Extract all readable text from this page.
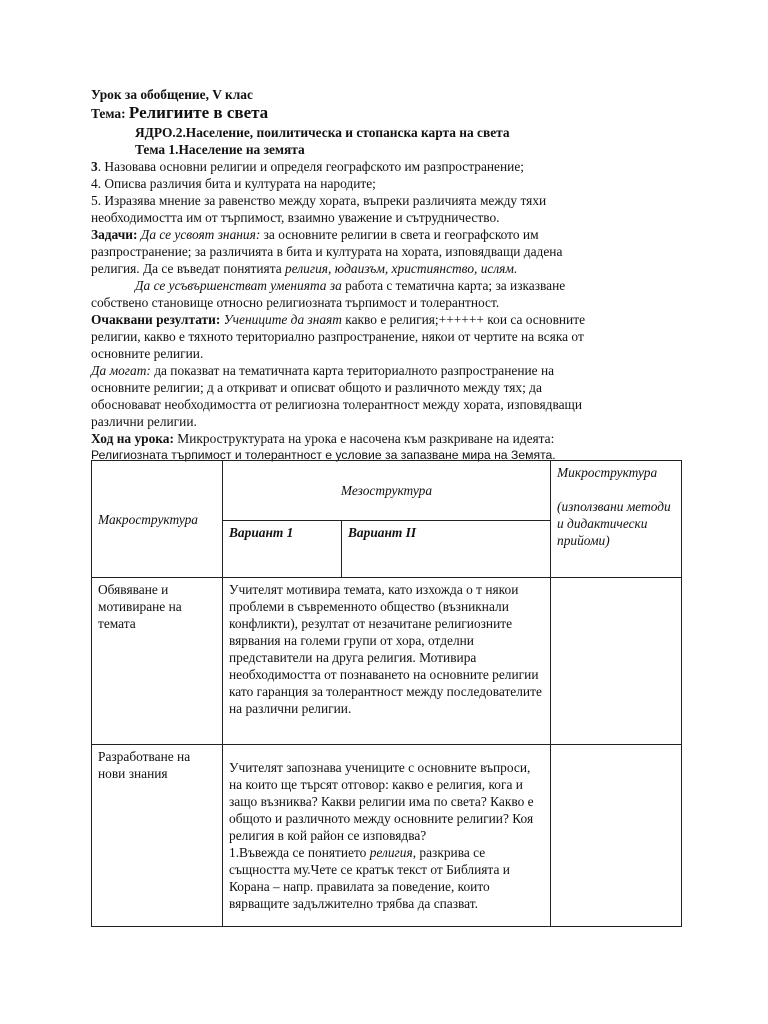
Урок за обобщение, V клас
Тема: Религиите в света
ЯДРО.2.Население, поилитическа и стопанска карта на света
Тема 1.Население на земята
3. Назовава основни религии и определя географското им разпространение;
4. Описва различия бита и културата на народите;
5. Изразява мнение за равенство между хората, въпреки различията между тяхи
необходимостта им от търпимост, взаимно уважение и сътрудничество.
Задачи: Да се усвоят знания: за основните религии в света и географското им
разпространение; за различията в бита и културата на хората, изповядващи дадена
религия. Да се въведат понятията религия, юдаизъм, християнство, ислям.
Да се усъвършенстват уменията за работа с тематична карта; за изказване
собствено становище относно религиозната търпимост и толерантност.
Очаквани резултати: Учениците да знаят какво е религия;++++++ кои са основните
религии, какво е тяхното териториално разпространение, някои от чертите на всяка от
основните религии.
Да могат: да показват на тематичната карта териториалното разпространение на
основните религии; д а откриват и описват общото и различното между тях; да
обосновават необходимостта от религиозна толерантност между хората, изповядващи
различни религии.
Ход на урока: Микроструктурата на урока е насочена към разкриване на идеята:
Религиозната търпимост и толерантност е условие за запазване мира на Земята.
Макроструктура	Мезоструктура		Микроструктура
(използвани методи и дидактически прийоми)

	Вариант 1	Вариант II	
Обявяване и мотивиране на темата	Учителят мотивира темата, като изхожда о т някои проблеми в съвременното общество (възникнали конфликти), резултат от незачитане религиозните вярвания на големи групи от хора, отделни представители на друга религия. Мотивира необходимостта от познаването на основните религии като гаранция за толерантност между последователите на различни религии.		
Разработване на нови знания	Учителят запознава учениците с основните въпроси, на които ще търсят отговор: какво е религия, кога и защо възниква? Какви религии има по света? Какво е общото и различното между основните религии? Коя религия в кой район се изповядва?
1.Въвежда се понятието религия, разкрива се същността му.Чете се кратък текст от Библията и Корана – напр. правилата за поведение, които вярващите задължително трябва да спазват.		
